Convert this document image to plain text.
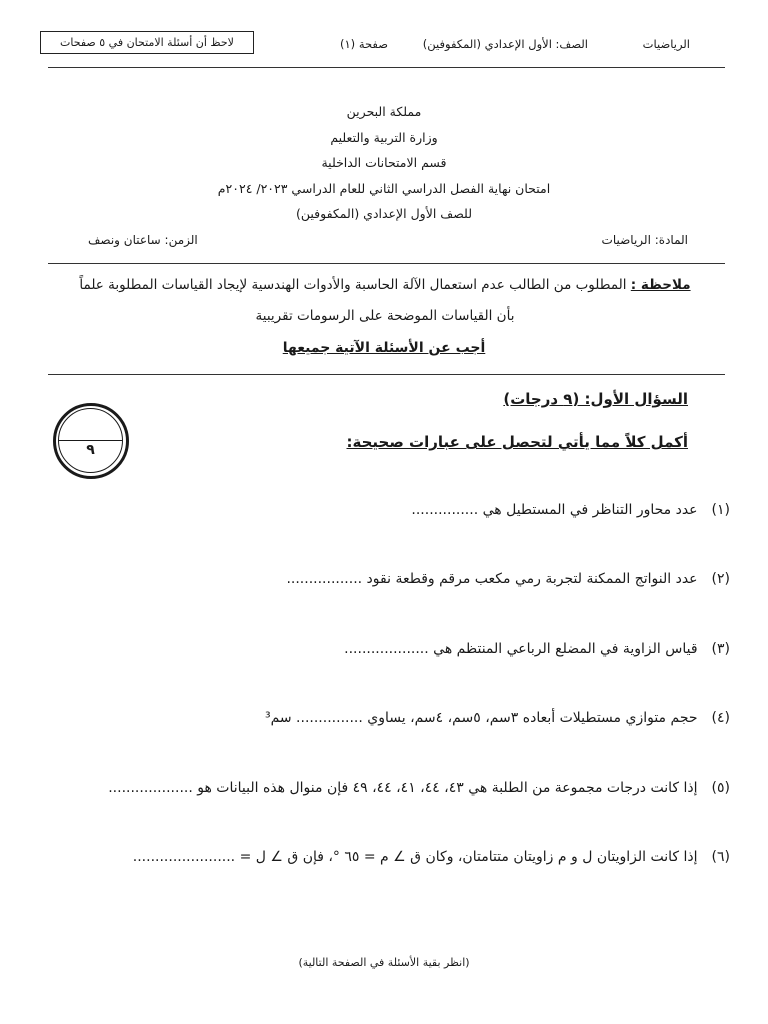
الرياضيات
الصف: الأول الإعدادي (المكفوفين)
صفحة (١)
لاحظ أن أسئلة الامتحان في ٥ صفحات
مملكة البحرين
وزارة التربية والتعليم
قسم الامتحانات الداخلية
امتحان نهاية الفصل الدراسي الثاني للعام الدراسي ٢٠٢٣/ ٢٠٢٤م
للصف الأول الإعدادي (المكفوفين)
المادة: الرياضيات
الزمن: ساعتان ونصف
ملاحظة : المطلوب من الطالب عدم استعمال الآلة الحاسبة والأدوات الهندسية لإيجاد القياسات المطلوبة علماً
بأن القياسات الموضحة على الرسومات تقريبية
أجب عن الأسئلة الآتية جميعها
السؤال الأول: (٩ درجات)
أكمل كلاً مما يأتي لتحصل على عبارات صحيحة:
٩
(١)
عدد محاور التناظر في المستطيل هي ...............
(٢)
عدد النواتج الممكنة لتجربة رمي مكعب مرقم وقطعة نقود .................
(٣)
قياس الزاوية في المضلع الرباعي المنتظم هي ...................
(٤)
حجم متوازي مستطيلات أبعاده ٣سم، ٥سم، ٤سم، يساوي ............... سم³
(٥)
إذا كانت درجات مجموعة من الطلبة هي ٤٣، ٤٤، ٤١، ٤٤، ٤٩ فإن منوال هذه البيانات هو ...................
(٦)
إذا كانت الزاويتان ل و م زاويتان متتامتان، وكان ق ∠ م = ٦٥ °، فإن ق ∠ ل = .......................
(انظر بقية الأسئلة في الصفحة التالية)
